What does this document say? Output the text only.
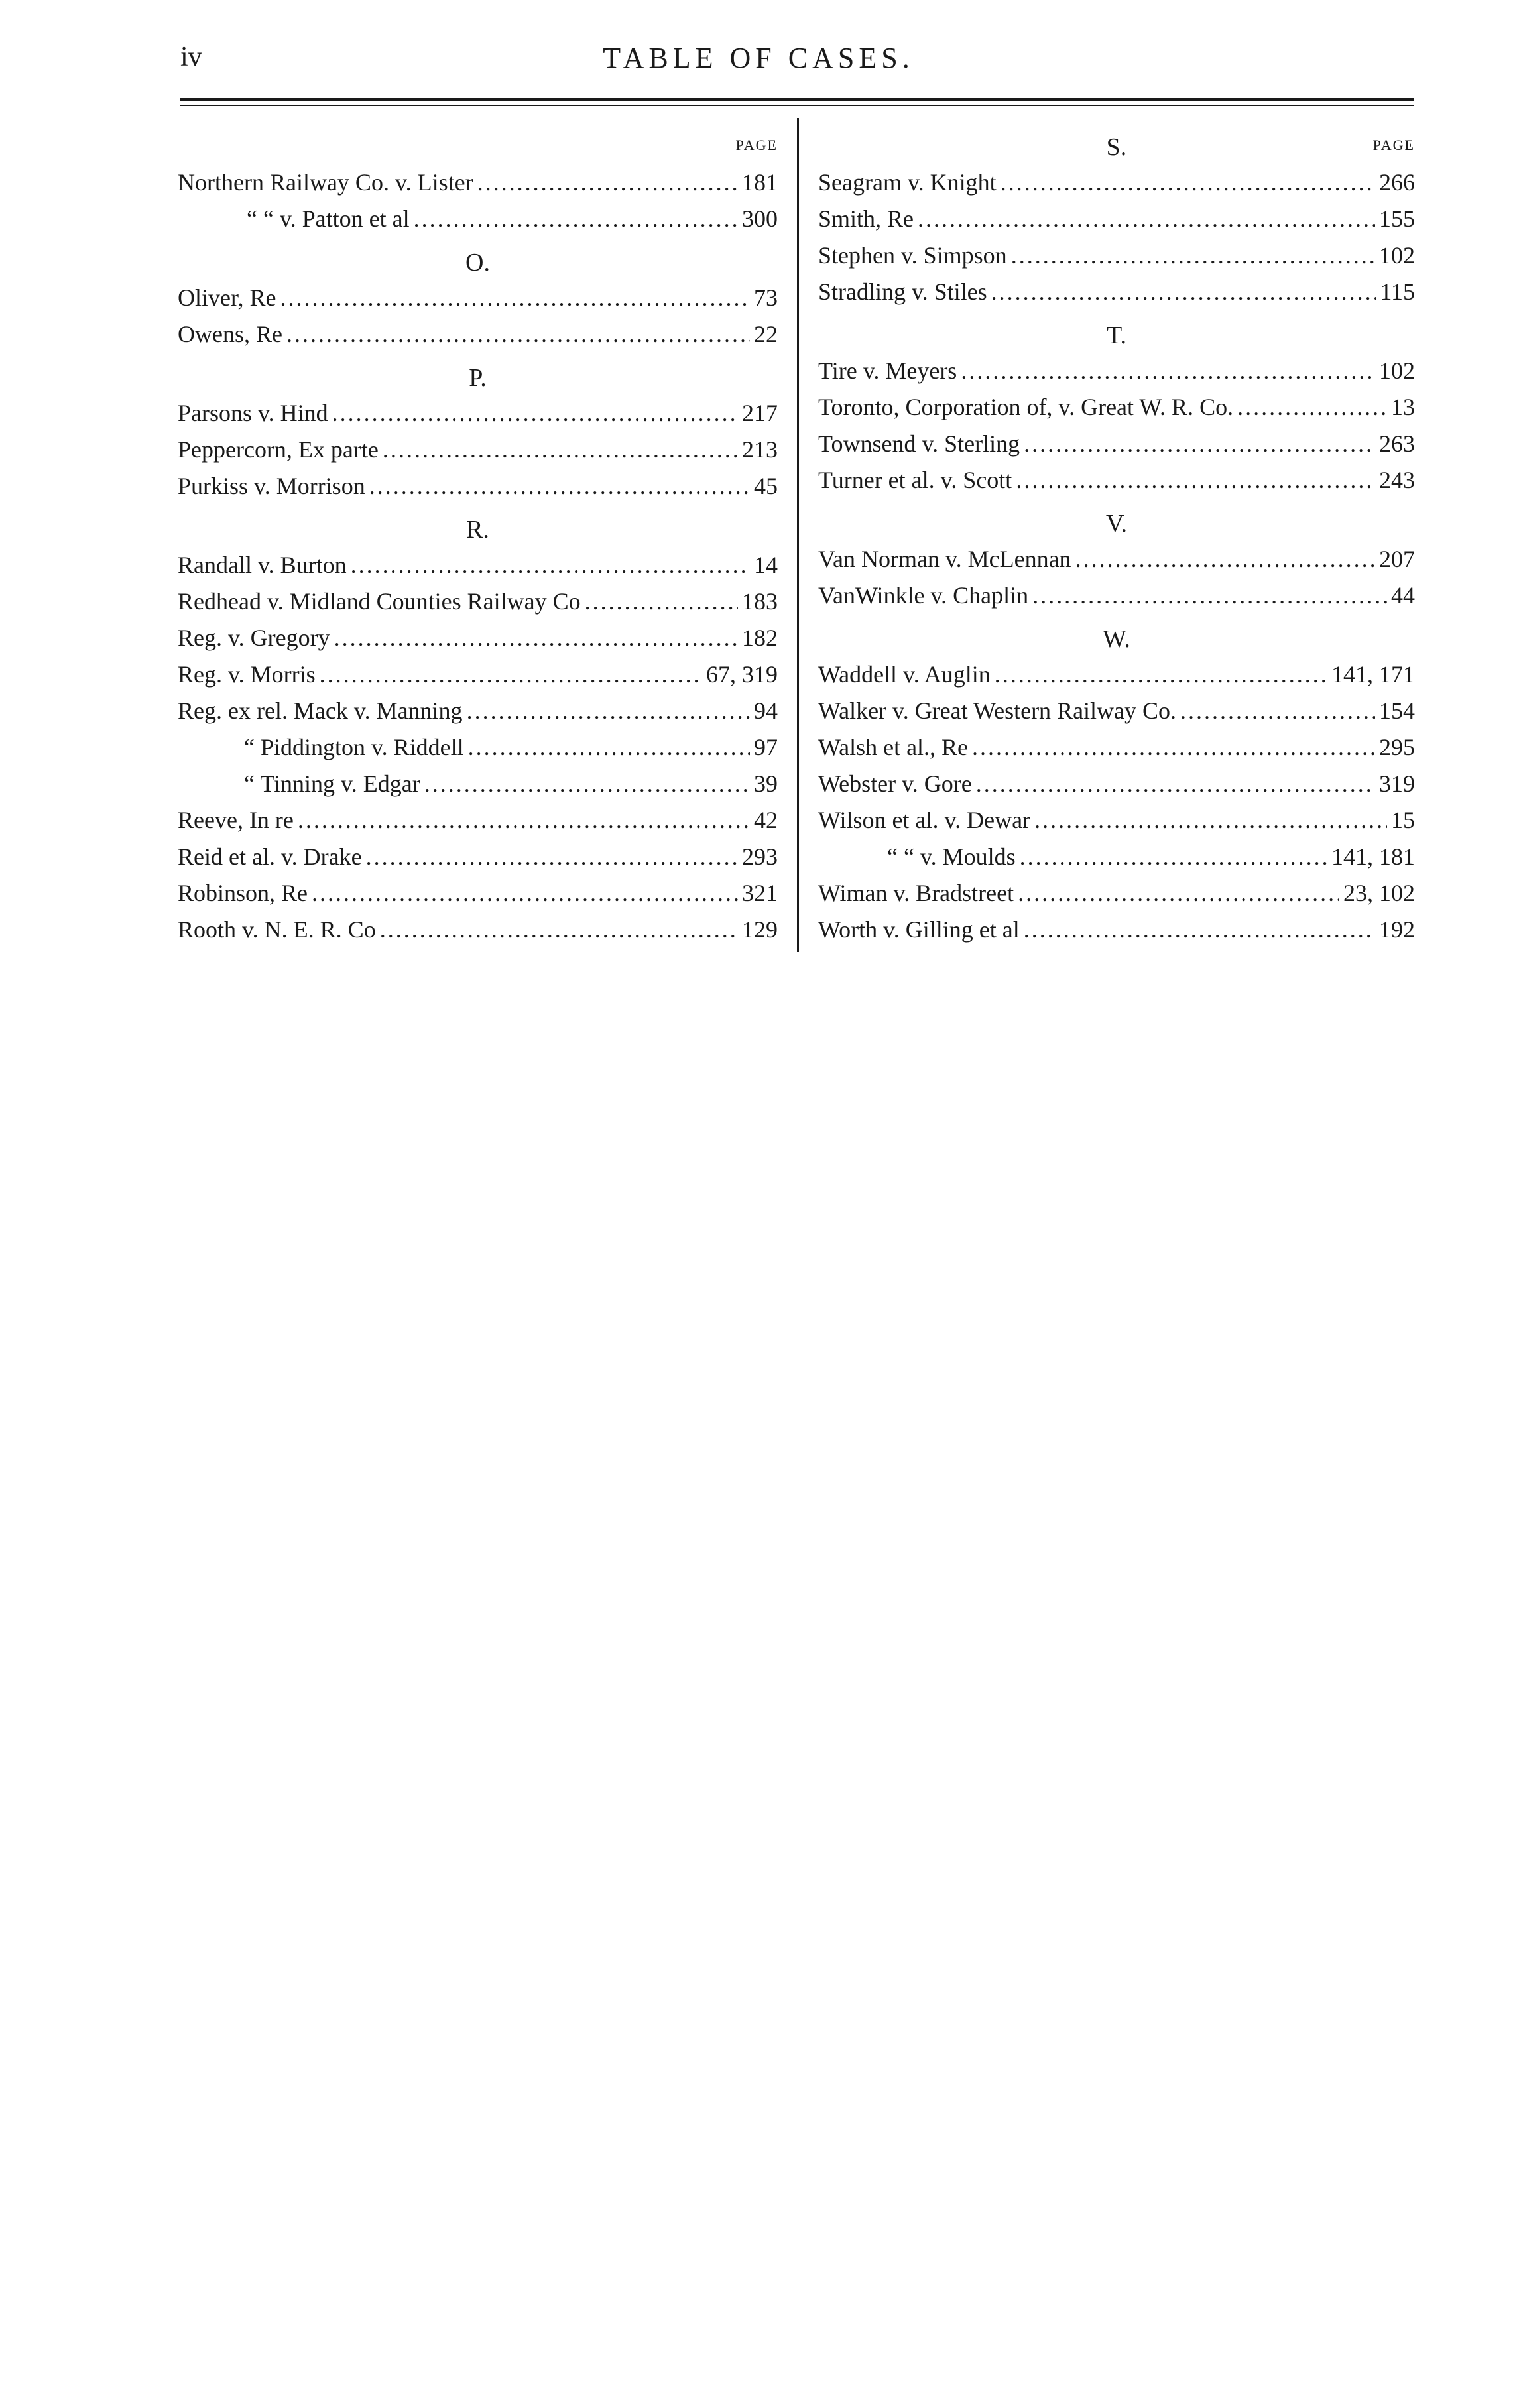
iv	TABLE OF CASES.
PAGE
Northern Railway Co. v. Lister .....	181
“ “ v. Patton et al .....	300
O.
Oliver, Re .....	73
Owens, Re .....	22
P.
Parsons v. Hind .....	217
Peppercorn, Ex parte .....	213
Purkiss v. Morrison .....	45
R.
Randall v. Burton .....	14
Redhead v. Midland Counties Railway Co .....	183
Reg. v. Gregory .....	182
Reg. v. Morris .....	67, 319
Reg. ex rel. Mack v. Manning .....	94
“ Piddington v. Riddell .....	97
“ Tinning v. Edgar .....	39
Reeve, In re .....	42
Reid et al. v. Drake .....	293
Robinson, Re .....	321
Rooth v. N. E. R. Co .....	129
S.	PAGE
Seagram v. Knight .....	266
Smith, Re .....	155
Stephen v. Simpson .....	102
Stradling v. Stiles .....	115
T.
Tire v. Meyers .....	102
Toronto, Corporation of, v. Great W. R. Co. .....	13
Townsend v. Sterling .....	263
Turner et al. v. Scott .....	243
V.
Van Norman v. McLennan .....	207
VanWinkle v. Chaplin .....	44
W.
Waddell v. Auglin .....	141, 171
Walker v. Great Western Railway Co. .....	154
Walsh et al., Re .....	295
Webster v. Gore .....	319
Wilson et al. v. Dewar .....	15
“ “ v. Moulds .....	141, 181
Wiman v. Bradstreet .....	23, 102
Worth v. Gilling et al .....	192
